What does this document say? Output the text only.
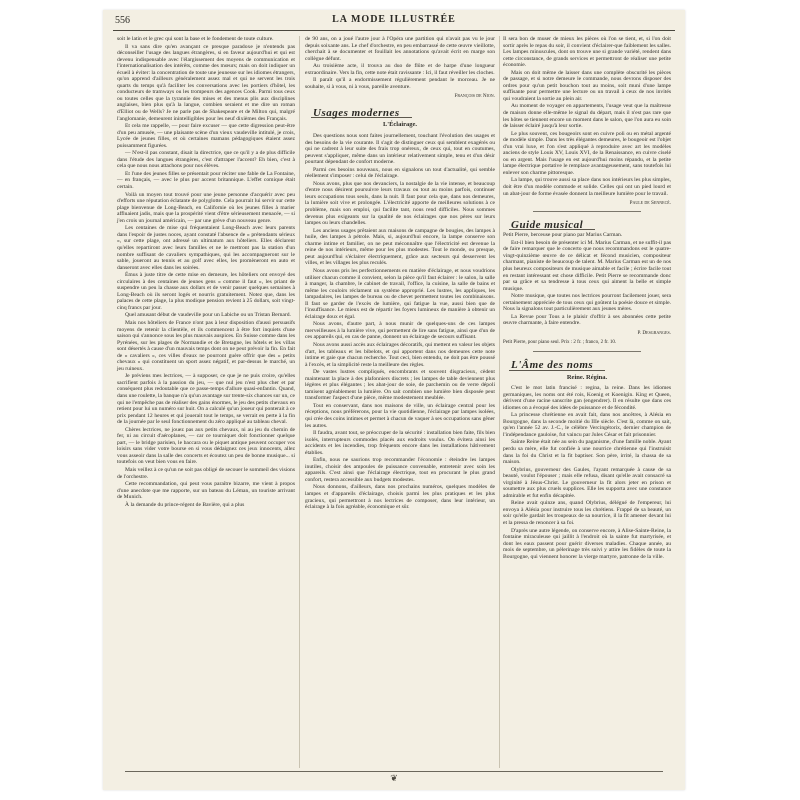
556	LA MODE ILLUSTRÉE

soit le latin et le grec qui sont la base et le fondement de toute culture.

Il va sans dire qu'en avançant ce presque paradoxe je n'entends pas déconseiller l'usage des langues étrangères, si en faveur aujourd'hui et qui est devenu indispensable avec l'élargissement des moyens de communication et l'internationalisation des intérêts, comme des mœurs; mais on doit indiquer un écueil à éviter: la concentration de toute une jeunesse sur les idiomes étrangers, qu'on apprend d'ailleurs généralement assez mal et qui ne servent les trois quarts du temps qu'à faciliter les conversations avec les portiers d'hôtel, les conducteurs de tramways ou les trompeurs des agences Cook. Parmi tous ceux ou toutes celles que la tyrannie des mises et des menus plis aux disciplines anglaises, bien plus qu'à la langue, combien seraient et me dire un roman d'Elliot ou de Wells? Je ne parle pas de Shakespeare et de Milton qui, malgré l'anglomanie, demeurent inintelligibles pour les neuf dixièmes des Français.

Et cela me rappelle, — pour faire excuser — que cette digression peut-être d'un peu amusée, — une plaisante scène d'un vieux vaudeville intitulé, je crois, Lycée de jeunes filles, et où certaines mamans pédagogiques étaient assez puissamment figurées.

— N'est-il pas constant, disait la directrice, que ce qu'il y a de plus difficile dans l'étude des langues étrangères, c'est d'attraper l'accent? Eh bien, c'est à cela que nous nous attachons pour nos élèves.

Et l'une des jeunes filles se présentait pour réciter une fable de La Fontaine, — en français, — avec le plus pur accent britannique. L'effet comique était certain.

Voilà un moyen tout trouvé pour une jeune personne d'acquérir avec peu d'efforts une réputation éclatante de polyglotte. Cela pourrait lui servir sur cette plage bienvenue de Long-Beach, en Californie où les jeunes filles à marier affluaient jadis, mais que la prospérité vient d'être sérieusement menacée, — si j'en crois un journal américain, — par une grève d'un nouveau genre.

Les centaines de mise qui fréquentaient Long-Beach avec leurs parents dans l'espoir de justes noces, ayant constaté l'absence de « prétendants sérieux », sur cette plage, ont adressé un ultimatum aux hôteliers. Elles déclarent qu'elles repartiront avec leurs familles et ne le mettront pas la station d'un nombre suffisant de cavaliers sympathiques, qui les accompagneront sur le sable, joueront au tennis et au golf avec elles, les promèneront en auto et danseront avec elles dans les soirées.

Émus à juste titre de cette mise en demeure, les hôteliers ont envoyé des circulaires à des centaines de jeunes gens « comme il faut », les priant de suspendre un peu la chasse aux dollars et de venir passer quelques semaines à Long-Beach où ils seront logés et nourris gratuitement. Notez que, dans les palaces de cette plage, la plus modique pension revient à 25 dollars, soit vingt-cinq francs par jour.

Quel amusant début de vaudeville pour un Labiche ou un Tristan Bernard.

Mais nos hôteliers de France n'ont pas à leur disposition d'aussi persuasifs moyens de retenir la clientèle, et ils commencent à être fort inquiets d'une saison qui s'annonce sous les plus mauvais auspices. En Suisse comme dans les Pyrénées, sur les plages de Normandie et de Bretagne, les hôtels et les villas sont désertés à cause d'un mauvais temps dont on ne peut prévoir la fin. En fait de « cavaliers », ces villes d'eaux ne pourront guère offrir que des « petits chevaux » qui constituent un sport assez négatif, et par-dessus le marché, un jeu ruineux.

Je préviens mes lectrices, — à supposer, ce que je ne puis croire, qu'elles sacrifient parfois à la passion du jeu, — que nul jeu n'est plus cher et par conséquent plus redoutable que ce passe-temps d'allure quasi-enfantin. Quand, dans une roulette, la banque n'a qu'un avantage sur trente-six chances sur un, ce qui ne l'empêche pas de réaliser des gains énormes, le jeu des petits chevaux en retient pour lui un numéro sur huit. On a calculé qu'un joueur qui ponterait à ce prix pendant 12 heures et qui jouerait tout le temps, se verrait en perte à la fin de la journée par le seul fonctionnement du zéro appliqué au tableau cheval.

Chères lectrices, ne jouez pas aux petits chevaux, ni au jeu du chemin de fer, ni au circuit d'aéroplanes, — car ce tourniquet doit fonctionner quelque part, — le bridge parisien, le baccara ou le piquet antique peuvent occuper vos loisirs sans vider votre bourse en si vous dédaignez ces jeux innocents, allez vous asseoir dans la salle des concerts et écoutez un peu de bonne musique... si toutefois on veut bien vous en faire.

Mais veillez à ce qu'un ne soit pas obligé de secouer le sommeil des visions de l'orchestre.

Cette recommandation, qui peut vous paraître bizarre, me vient à propos d'une anecdote que me rapporte, sur un bateau du Léman, un touriste arrivant de Munich.

À la demande du prince-régent de Bavière, qui a plus

de 90 ans, on a joué l'autre jour à l'Opéra une partition qui n'avait pas vu le jour depuis soixante ans. Le chef d'orchestre, en peu embarrassé de cette œuvre vieillotte, cherchait à se documenter et fouillait les annotations qu'avait écrit en marge son collègue défunt.

Au troisième acte, il trouva au duo de flûte et de harpe d'une longueur extraordinaire. Vers la fin, cette note était ravissante : Ici, il faut réveiller les cloches.

Il paraît qu'il a endormissement régulièrement pendant le morceau. Je ne souhaite, si à vous, ni à vous, pareille aventure.

François de Nion.
Usages modernes
L'Éclairage.

Des questions nous sont faites journellement, touchant l'évolution des usages et des besoins de la vie courante. Il s'agit de distinguer ceux qui semblent exagérés ou qui ne cadrent à leur suite des frais trop onéreux, de ceux qui, tout en coutumes, peuvent s'appliquer, même dans un intérieur relativement simple, tenu et d'un désir pourtant dépendant de confort moderne.

Parmi ces besoins nouveaux, nous en signalons un tout d'actualité, qui semble réellement s'imposer : celui de l'éclairage.

Nous avons, plus que nos devanciers, la nostalgie de la vie intense, et beaucoup d'entre nous désirent poursuivre leurs travaux ou tout au moins parfois, continuer leurs occupations tous seuls, dans la nuit. Il faut pour cela que, dans nos demeures, la lumière soit vive et prolongée. L'électricité apporte de meilleures solutions à ce problème, mais son emploi, qui facilite tant, nous rend difficiles. Nous sommes devenus plus exigeants sur la qualité de nos éclairages que nos pères sur leurs lampes ou leurs chandelles.

Les anciens usages prêtaient aux maisons de campagne de bougies, des lampes à huile, des lampes à pétrole. Mais, si, aujourd'hui encore, la lampe conserve son charme intime et familier, on ne peut méconnaître que l'électricité est devenue la reine de nos intérieurs, même pour les plus modestes. Tout le monde, ou presque, peut aujourd'hui s'éclairer électriquement, grâce aux secteurs qui desservent les villes, et les villages les plus reculés.

Nous avons pris les perfectionnements en matière d'éclairage, et nous voudrions utiliser chacun comme il convient, selon la pièce qu'il faut éclairer : le salon, la salle à manger, la chambre, le cabinet de travail, l'office, la cuisine, la salle de bains et même les couloirs réclament un système approprié. Les lustres, les appliques, les lampadaires, les lampes de bureau ou de chevet permettent toutes les combinaisons. Il faut se garder de l'excès de lumière, qui fatigue la vue, aussi bien que de l'insuffisance. Le mieux est de répartir les foyers lumineux de manière à obtenir un éclairage doux et égal.

Nous avons, d'autre part, à nous munir de quelques-uns de ces lampes merveilleuses à la lumière vive, qui permettent de lire sans fatigue, ainsi que d'un de ces appareils qui, en cas de panne, donnent un éclairage de secours suffisant.

Nous avons aussi accès aux éclairages décoratifs, qui mettent en valeur les objets d'art, les tableaux et les bibelots, et qui apportent dans nos demeures cette note intime et gaie que chacun recherche. Tout ceci, bien entendu, ne doit pas être poussé à l'excès, et la simplicité reste la meilleure des règles.

De vastes lustres compliqués, encombrants et souvent disgracieux, cèdent maintenant la place à des plafonniers discrets ; les lampes de table deviennent plus légères et plus élégantes ; les abat-jour de soie, de parchemin ou de verre dépoli tamisent agréablement la lumière. On sait combien une lumière bien disposée peut transformer l'aspect d'une pièce, même modestement meublée.

Tout en conservant, dans nos maisons de ville, un éclairage central pour les réceptions, nous préférerons, pour la vie quotidienne, l'éclairage par lampes isolées, qui crée des coins intimes et permet à chacun de vaquer à ses occupations sans gêner les autres.

Il faudra, avant tout, se préoccuper de la sécurité : installation bien faite, fils bien isolés, interrupteurs commodes placés aux endroits voulus. On évitera ainsi les accidents et les incendies, trop fréquents encore dans les installations hâtivement établies.

Enfin, nous ne saurions trop recommander l'économie : éteindre les lampes inutiles, choisir des ampoules de puissance convenable, entretenir avec soin les appareils. C'est ainsi que l'éclairage électrique, tout en procurant le plus grand confort, restera accessible aux budgets modestes.

Nous donnons, d'ailleurs, dans nos prochains numéros, quelques modèles de lampes et d'appareils d'éclairage, choisis parmi les plus pratiques et les plus gracieux, qui permettront à nos lectrices de composer, dans leur intérieur, un éclairage à la fois agréable, économique et sûr.

Il sera bon de muser de mieux les pièces où l'on se tient, et, si l'on doit sortir après le repas du soir, il convient d'éclairer-que faiblement les salles. Les lampes minuscules, dont on trouve une si grande variété, rendent dans cette circonstance, de grands services et permettront de réaliser une petite économie.

Mais on doit même de laisser dans une complète obscurité les pièces de passage, et si notre demeure le commande, nous devrons disposer des ordres pour qu'un petit bouchon tout au moins, soit muni d'une lampe suffisante pour permettre une lecture ou un travail à ceux de nos invités qui voudraient la sortie au plein air.

Au moment de voyager en appartements, l'usage veut que la maîtresse de maison donne elle-même le signal du départ, mais il n'est pas rare que les hôtes se tiennent encore un moment dans le salon, que l'on aura eu soin de laisser éclairé jusqu'à leur sortie.

Le plus souvent, ces bougeoirs sont en cuivre poli ou en métal argenté de modèle simple. Dans les très élégantes demeures, le bougeoir est l'objet d'un vrai luxe, et l'on s'est appliqué à reproduire avec art les modèles anciens de style Louis XV, Louis XVI, de la Renaissance, en cuivre ciselé ou en argent. Mais l'usage en est aujourd'hui moins répandu, et la petite lampe électrique portative le remplace avantageusement, sans toutefois lui enlever son charme pittoresque.

La lampe, qui trouve aussi sa place dans nos intérieurs les plus simples, doit être d'un modèle commode et solide. Celles qui ont un pied lourd et un abat-jour de forme évasée donnent la meilleure lumière pour le travail.

Paule de Sennecé.
Guide musical

Petit Pierre, berceuse pour piano par Marius Carman.

Est-il bien besoin de présenter ici M. Marius Carman, et ne suffit-il pas de faire remarquer que le concerto que nous recommandons est le quatre-vingt-quinzième œuvre de ce délicat et fécond musicien, compositeur charmant, pianiste de beaucoup de talent. M. Marius Carman est un de nos plus heureux compositeurs de musique aimable et facile ; écrire facile tout en restant intéressant est chose difficile. Petit Pierre se recommande donc par sa grâce et sa tendresse à tous ceux qui aiment la belle et simple musique.

Notre musique, que toutes nos lectrices pourront facilement jouer, sera certainement appréciée de tous ceux qui goûtent la poésie douce et simple. Nous la signalons tout particulièrement aux jeunes mères.

La Revue pour Tous a le plaisir d'offrir à ses abonnées cette petite œuvre charmante, à faire entendre.

P. Desgranges.

Petit Pierre, pour piano seul. Prix : 2 fr. ; franco, 2 fr. 10.

L'Âme des noms
Reine. Régina.

C'est le mot latin francisé : regina, la reine. Dans les idiomes germaniques, les noms ont été rois, Koenig et Koenigin. King et Queen, dérivent d'une racine sanscrite gan (engendrer). Il en résulte que dans ces idiomes on a évoqué des idées de puissance et de fécondité.

La princesse chrétienne en avait fait, dans nos ancêtres, à Alésia en Bourgogne, dans la seconde moitié du IIIe siècle. C'est là, comme on sait, qu'en l'année 52 av. J.-C., le célèbre Vercingétorix, dernier champion de l'indépendance gauloise, fut vaincu par Jules César et fait prisonnier.

Sainte Reine était née au sein du paganisme, d'une famille noble. Ayant perdu sa mère, elle fut confiée à une nourrice chrétienne qui l'instruisit dans la foi du Christ et la fit baptiser. Son père, irrité, la chassa de sa maison.

Olybrius, gouverneur des Gaules, l'ayant remarquée à cause de sa beauté, voulut l'épouser ; mais elle refusa, disant qu'elle avait consacré sa virginité à Jésus-Christ. Le gouverneur la fit alors jeter en prison et soumettre aux plus cruels supplices. Elle les supporta avec une constance admirable et fut enfin décapitée.

Reine avait quinze ans, quand Olybrius, délégué de l'empereur, lui envoya à Alésia pour instruire tous les chrétiens. Frappé de sa beauté, un soir qu'elle gardait les troupeaux de sa nourrice, il la fit amener devant lui et la pressa de renoncer à sa foi.

D'après une autre légende, on conserve encore, à Alise-Sainte-Reine, la fontaine miraculeuse qui jaillit à l'endroit où la sainte fut martyrisée, et dont les eaux passent pour guérir diverses maladies. Chaque année, au mois de septembre, un pèlerinage très suivi y attire les fidèles de toute la Bourgogne, qui viennent honorer la vierge martyre, patronne de la ville.

❦
